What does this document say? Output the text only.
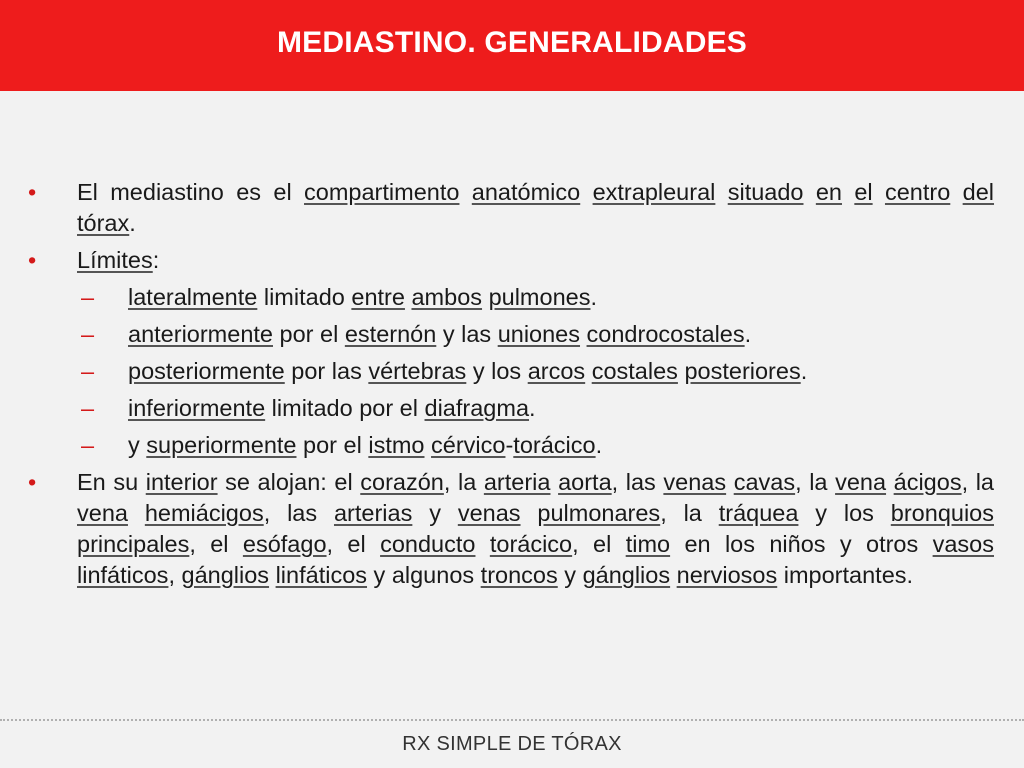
MEDIASTINO. GENERALIDADES
• El mediastino es el compartimento anatómico extrapleural situado en el centro del tórax.
• Límites:
– lateralmente limitado entre ambos pulmones.
– anteriormente por el esternón y las uniones condrocostales.
– posteriormente por las vértebras y los arcos costales posteriores.
– inferiormente limitado por el diafragma.
– y superiormente por el istmo cérvico-torácico.
• En su interior se alojan: el corazón, la arteria aorta, las venas cavas, la vena ácigos, la vena hemiácigos, las arterias y venas pulmonares, la tráquea y los bronquios principales, el esófago, el conducto torácico, el timo en los niños y otros vasos linfáticos, gánglios linfáticos y algunos troncos y gánglios nerviosos importantes.
RX SIMPLE DE TÓRAX
